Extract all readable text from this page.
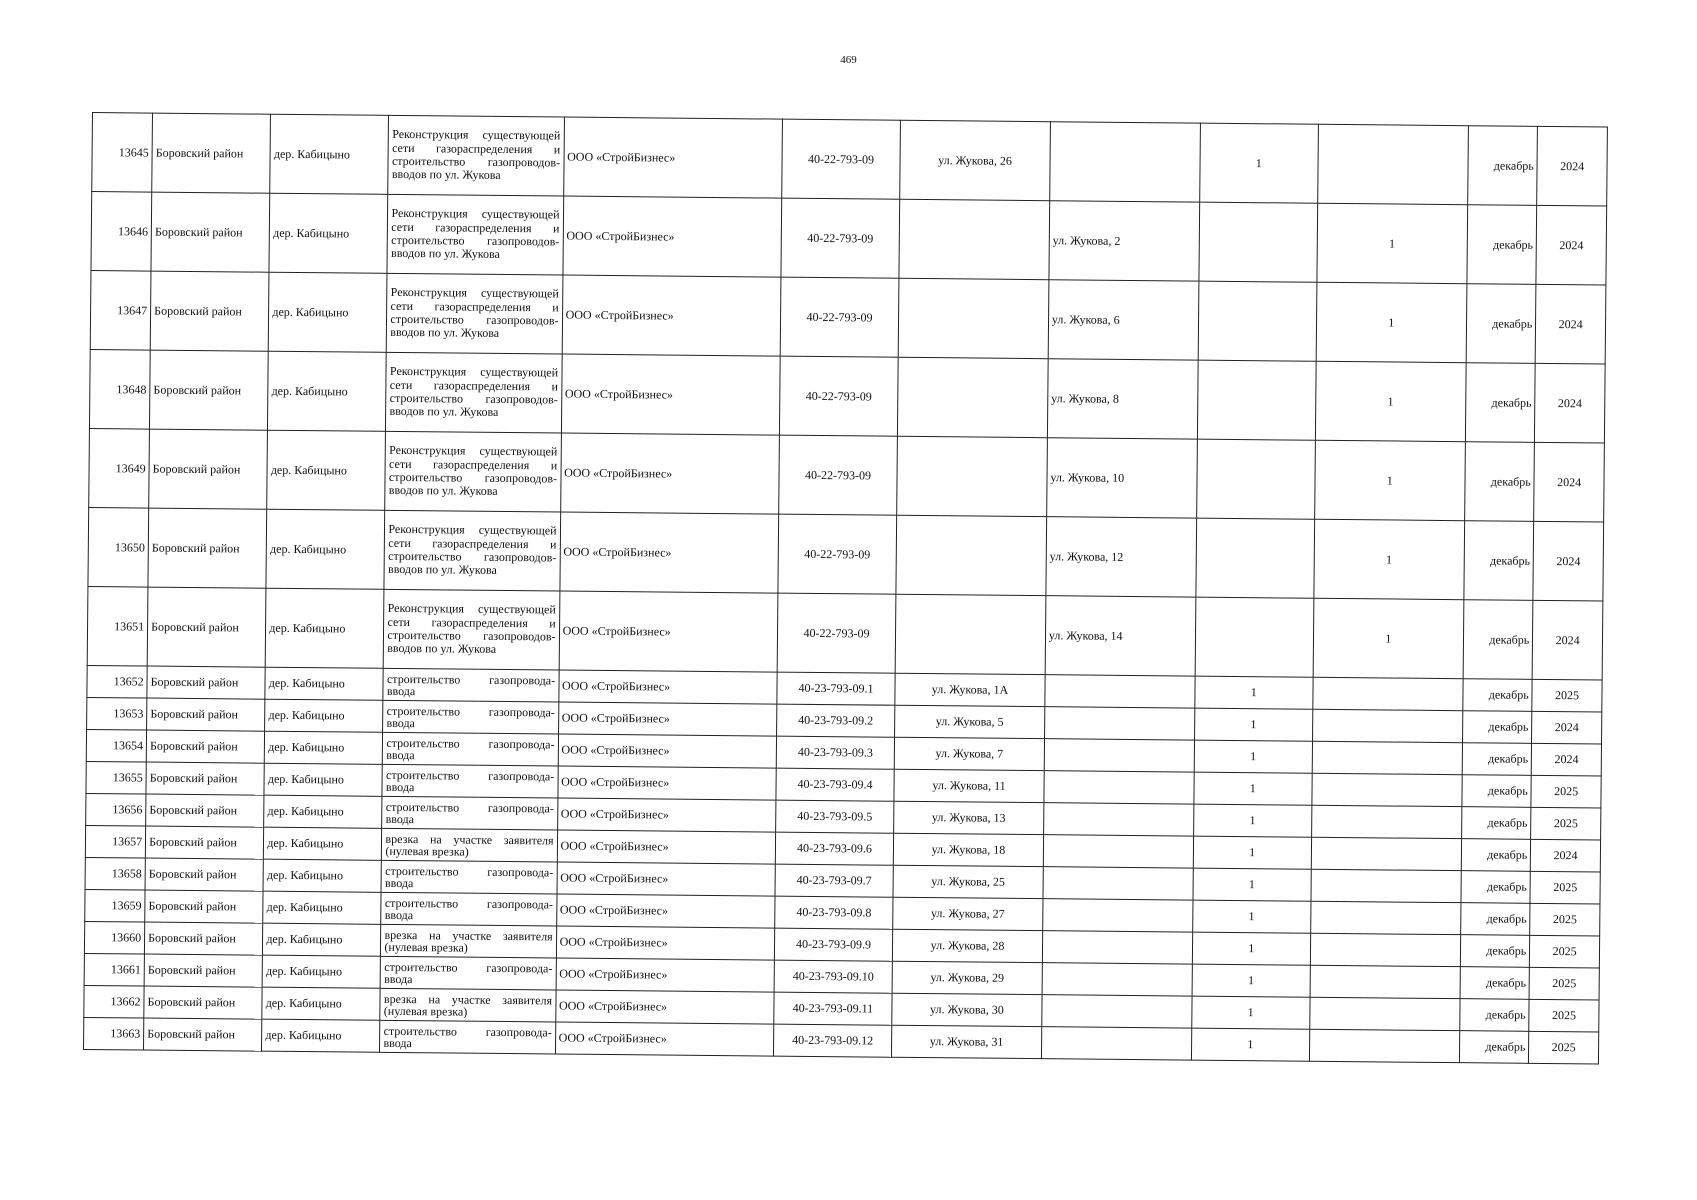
469
13645	Боровский район	дер. Кабицыно	Реконструкция существующей сети газораспределения и строительство газопроводов-вводов по ул. Жукова	ООО «СтройБизнес»	40-22-793-09	ул. Жукова, 26		1		декабрь	2024
13646	Боровский район	дер. Кабицыно	Реконструкция существующей сети газораспределения и строительство газопроводов-вводов по ул. Жукова	ООО «СтройБизнес»	40-22-793-09		ул. Жукова, 2		1	декабрь	2024
13647	Боровский район	дер. Кабицыно	Реконструкция существующей сети газораспределения и строительство газопроводов-вводов по ул. Жукова	ООО «СтройБизнес»	40-22-793-09		ул. Жукова, 6		1	декабрь	2024
13648	Боровский район	дер. Кабицыно	Реконструкция существующей сети газораспределения и строительство газопроводов-вводов по ул. Жукова	ООО «СтройБизнес»	40-22-793-09		ул. Жукова, 8		1	декабрь	2024
13649	Боровский район	дер. Кабицыно	Реконструкция существующей сети газораспределения и строительство газопроводов-вводов по ул. Жукова	ООО «СтройБизнес»	40-22-793-09		ул. Жукова, 10		1	декабрь	2024
13650	Боровский район	дер. Кабицыно	Реконструкция существующей сети газораспределения и строительство газопроводов-вводов по ул. Жукова	ООО «СтройБизнес»	40-22-793-09		ул. Жукова, 12		1	декабрь	2024
13651	Боровский район	дер. Кабицыно	Реконструкция существующей сети газораспределения и строительство газопроводов-вводов по ул. Жукова	ООО «СтройБизнес»	40-22-793-09		ул. Жукова, 14		1	декабрь	2024
13652	Боровский район	дер. Кабицыно	строительство газопровода-ввода	ООО «СтройБизнес»	40-23-793-09.1	ул. Жукова, 1А		1		декабрь	2025
13653	Боровский район	дер. Кабицыно	строительство газопровода-ввода	ООО «СтройБизнес»	40-23-793-09.2	ул. Жукова, 5		1		декабрь	2024
13654	Боровский район	дер. Кабицыно	строительство газопровода-ввода	ООО «СтройБизнес»	40-23-793-09.3	ул. Жукова, 7		1		декабрь	2024
13655	Боровский район	дер. Кабицыно	строительство газопровода-ввода	ООО «СтройБизнес»	40-23-793-09.4	ул. Жукова, 11		1		декабрь	2025
13656	Боровский район	дер. Кабицыно	строительство газопровода-ввода	ООО «СтройБизнес»	40-23-793-09.5	ул. Жукова, 13		1		декабрь	2025
13657	Боровский район	дер. Кабицыно	врезка на участке заявителя (нулевая врезка)	ООО «СтройБизнес»	40-23-793-09.6	ул. Жукова, 18		1		декабрь	2024
13658	Боровский район	дер. Кабицыно	строительство газопровода-ввода	ООО «СтройБизнес»	40-23-793-09.7	ул. Жукова, 25		1		декабрь	2025
13659	Боровский район	дер. Кабицыно	строительство газопровода-ввода	ООО «СтройБизнес»	40-23-793-09.8	ул. Жукова, 27		1		декабрь	2025
13660	Боровский район	дер. Кабицыно	врезка на участке заявителя (нулевая врезка)	ООО «СтройБизнес»	40-23-793-09.9	ул. Жукова, 28		1		декабрь	2025
13661	Боровский район	дер. Кабицыно	строительство газопровода-ввода	ООО «СтройБизнес»	40-23-793-09.10	ул. Жукова, 29		1		декабрь	2025
13662	Боровский район	дер. Кабицыно	врезка на участке заявителя (нулевая врезка)	ООО «СтройБизнес»	40-23-793-09.11	ул. Жукова, 30		1		декабрь	2025
13663	Боровский район	дер. Кабицыно	строительство газопровода-ввода	ООО «СтройБизнес»	40-23-793-09.12	ул. Жукова, 31		1		декабрь	2025
